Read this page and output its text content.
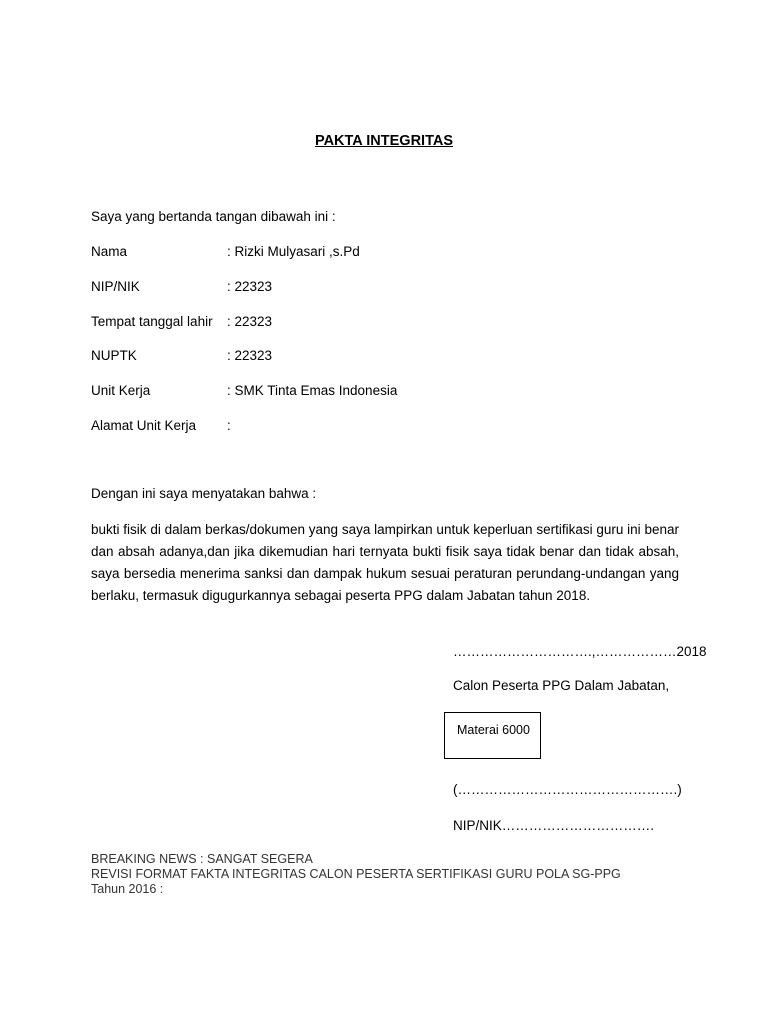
PAKTA INTEGRITAS
Saya yang bertanda tangan dibawah ini :
Nama	: Rizki Mulyasari ,s.Pd
NIP/NIK	: 22323
Tempat tanggal lahir : 22323
NUPTK	: 22323
Unit Kerja	: SMK Tinta Emas Indonesia
Alamat Unit Kerja :
Dengan ini saya menyatakan bahwa :
bukti fisik di dalam berkas/dokumen yang saya lampirkan untuk keperluan sertifikasi guru ini benar dan absah adanya,dan jika dikemudian hari ternyata bukti fisik saya tidak benar dan tidak absah, saya bersedia menerima sanksi dan dampak hukum sesuai peraturan perundang-undangan yang berlaku, termasuk digugurkannya sebagai peserta PPG dalam Jabatan tahun 2018.
………………………….,………………2018
Calon Peserta PPG Dalam Jabatan,
Materai 6000
(………………………………………….)
NIP/NIK…………………………….
BREAKING NEWS : SANGAT SEGERA
REVISI FORMAT FAKTA INTEGRITAS CALON PESERTA SERTIFIKASI GURU POLA SG-PPG
Tahun 2016 :
